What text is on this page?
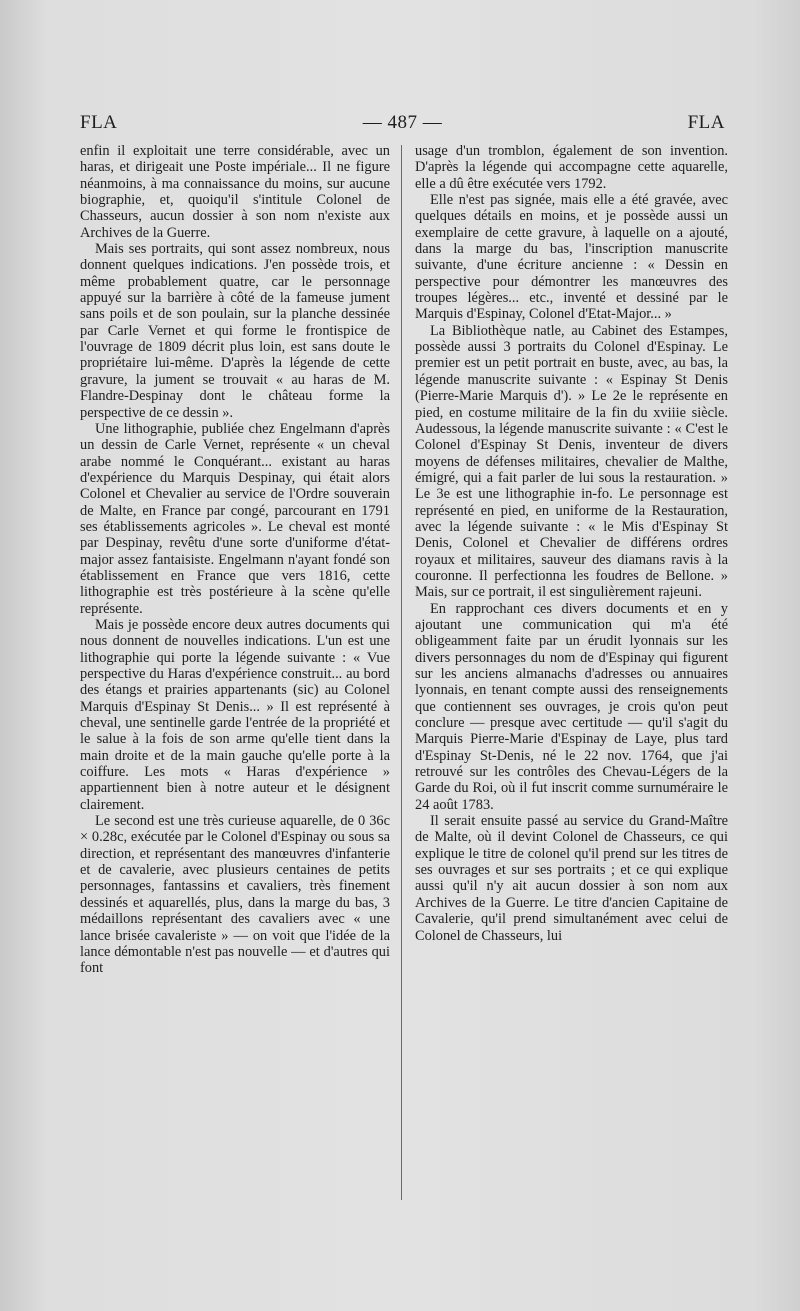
FLA	— 487 —	FLA

enfin il exploitait une terre considérable, avec un haras, et dirigeait une Poste impériale... Il ne figure néanmoins, à ma connaissance du moins, sur aucune biographie, et, quoiqu'il s'intitule Colonel de Chasseurs, aucun dossier à son nom n'existe aux Archives de la Guerre.

Mais ses portraits, qui sont assez nombreux, nous donnent quelques indications. J'en possède trois, et même probablement quatre, car le personnage appuyé sur la barrière à côté de la fameuse jument sans poils et de son poulain, sur la planche dessinée par Carle Vernet et qui forme le frontispice de l'ouvrage de 1809 décrit plus loin, est sans doute le propriétaire lui-même. D'après la légende de cette gravure, la jument se trouvait « au haras de M. Flandre-Despinay dont le château forme la perspective de ce dessin ».

Une lithographie, publiée chez Engelmann d'après un dessin de Carle Vernet, représente « un cheval arabe nommé le Conquérant... existant au haras d'expérience du Marquis Despinay, qui était alors Colonel et Chevalier au service de l'Ordre souverain de Malte, en France par congé, parcourant en 1791 ses établissements agricoles ». Le cheval est monté par Despinay, revêtu d'une sorte d'uniforme d'état-major assez fantaisiste. Engelmann n'ayant fondé son établissement en France que vers 1816, cette lithographie est très postérieure à la scène qu'elle représente.

Mais je possède encore deux autres documents qui nous donnent de nouvelles indications. L'un est une lithographie qui porte la légende suivante : « Vue perspective du Haras d'expérience construit... au bord des étangs et prairies appartenants (sic) au Colonel Marquis d'Espinay St Denis... » Il est représenté à cheval, une sentinelle garde l'entrée de la propriété et le salue à la fois de son arme qu'elle tient dans la main droite et de la main gauche qu'elle porte à la coiffure. Les mots « Haras d'expérience » appartiennent bien à notre auteur et le désignent clairement.

Le second est une très curieuse aquarelle, de 0 36c × 0.28c, exécutée par le Colonel d'Espinay ou sous sa direction, et représentant des manœuvres d'infanterie et de cavalerie, avec plusieurs centaines de petits personnages, fantassins et cavaliers, très finement dessinés et aquarellés, plus, dans la marge du bas, 3 médaillons représentant des cavaliers avec « une lance brisée cavaleriste » — on voit que l'idée de la lance démontable n'est pas nouvelle — et d'autres qui font

usage d'un tromblon, également de son invention. D'après la légende qui accompagne cette aquarelle, elle a dû être exécutée vers 1792.

Elle n'est pas signée, mais elle a été gravée, avec quelques détails en moins, et je possède aussi un exemplaire de cette gravure, à laquelle on a ajouté, dans la marge du bas, l'inscription manuscrite suivante, d'une écriture ancienne : « Dessin en perspective pour démontrer les manœuvres des troupes légères... etc., inventé et dessiné par le Marquis d'Espinay, Colonel d'Etat-Major... »

La Bibliothèque natle, au Cabinet des Estampes, possède aussi 3 portraits du Colonel d'Espinay. Le premier est un petit portrait en buste, avec, au bas, la légende manuscrite suivante : « Espinay St Denis (Pierre-Marie Marquis d'). » Le 2e le représente en pied, en costume militaire de la fin du xviiie siècle. Audessous, la légende manuscrite suivante : « C'est le Colonel d'Espinay St Denis, inventeur de divers moyens de défenses militaires, chevalier de Malthe, émigré, qui a fait parler de lui sous la restauration. » Le 3e est une lithographie in-fo. Le personnage est représenté en pied, en uniforme de la Restauration, avec la légende suivante : « le Mis d'Espinay St Denis, Colonel et Chevalier de différens ordres royaux et militaires, sauveur des diamans ravis à la couronne. Il perfectionna les foudres de Bellone. » Mais, sur ce portrait, il est singulièrement rajeuni.

En rapprochant ces divers documents et en y ajoutant une communication qui m'a été obligeamment faite par un érudit lyonnais sur les divers personnages du nom de d'Espinay qui figurent sur les anciens almanachs d'adresses ou annuaires lyonnais, en tenant compte aussi des renseignements que contiennent ses ouvrages, je crois qu'on peut conclure — presque avec certitude — qu'il s'agit du Marquis Pierre-Marie d'Espinay de Laye, plus tard d'Espinay St-Denis, né le 22 nov. 1764, que j'ai retrouvé sur les contrôles des Chevau-Légers de la Garde du Roi, où il fut inscrit comme surnuméraire le 24 août 1783.

Il serait ensuite passé au service du Grand-Maître de Malte, où il devint Colonel de Chasseurs, ce qui explique le titre de colonel qu'il prend sur les titres de ses ouvrages et sur ses portraits ; et ce qui explique aussi qu'il n'y ait aucun dossier à son nom aux Archives de la Guerre. Le titre d'ancien Capitaine de Cavalerie, qu'il prend simultanément avec celui de Colonel de Chasseurs, lui
